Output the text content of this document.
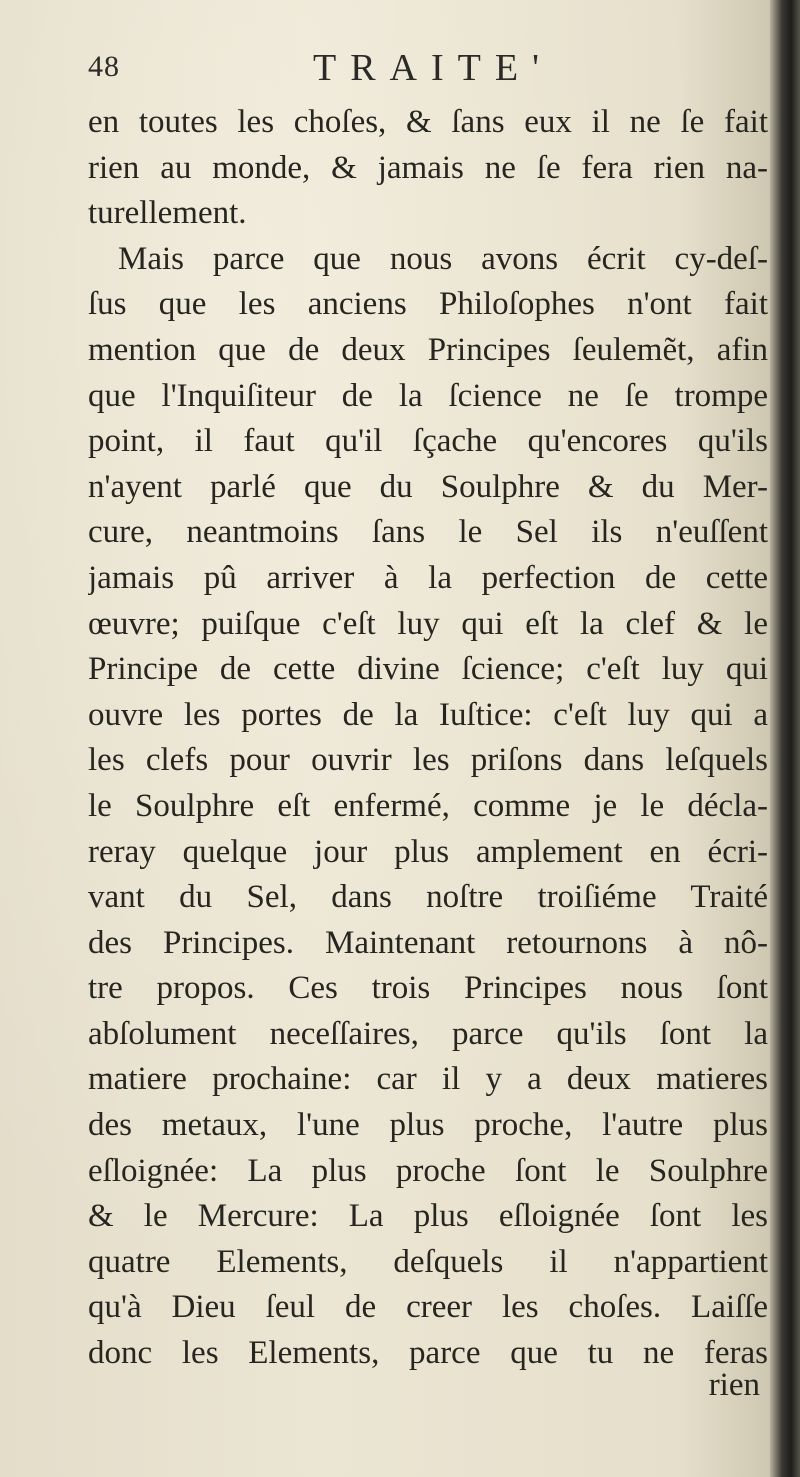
48	TRAITE'
en toutes les choſes, & ſans eux il ne ſe fait
rien au monde, & jamais ne ſe fera rien na-
turellement.
Mais parce que nous avons écrit cy-deſ-
ſus que les anciens Philoſophes n'ont fait
mention que de deux Principes ſeulemẽt, afin
que l'Inquiſiteur de la ſcience ne ſe trompe
point, il faut qu'il ſçache qu'encores qu'ils
n'ayent parlé que du Soulphre & du Mer-
cure, neantmoins ſans le Sel ils n'euſſent
jamais pû arriver à la perfection de cette
œuvre; puiſque c'eſt luy qui eſt la clef & le
Principe de cette divine ſcience; c'eſt luy qui
ouvre les portes de la Iuſtice: c'eſt luy qui a
les clefs pour ouvrir les priſons dans leſquels
le Soulphre eſt enfermé, comme je le décla-
reray quelque jour plus amplement en écri-
vant du Sel, dans noſtre troiſiéme Traité
des Principes. Maintenant retournons à nô-
tre propos. Ces trois Principes nous ſont
abſolument neceſſaires, parce qu'ils ſont la
matiere prochaine: car il y a deux matieres
des metaux, l'une plus proche, l'autre plus
eſloignée: La plus proche ſont le Soulphre
& le Mercure: La plus eſloignée ſont les
quatre Elements, deſquels il n'appartient
qu'à Dieu ſeul de creer les choſes. Laiſſe
donc les Elements, parce que tu ne feras
rien
